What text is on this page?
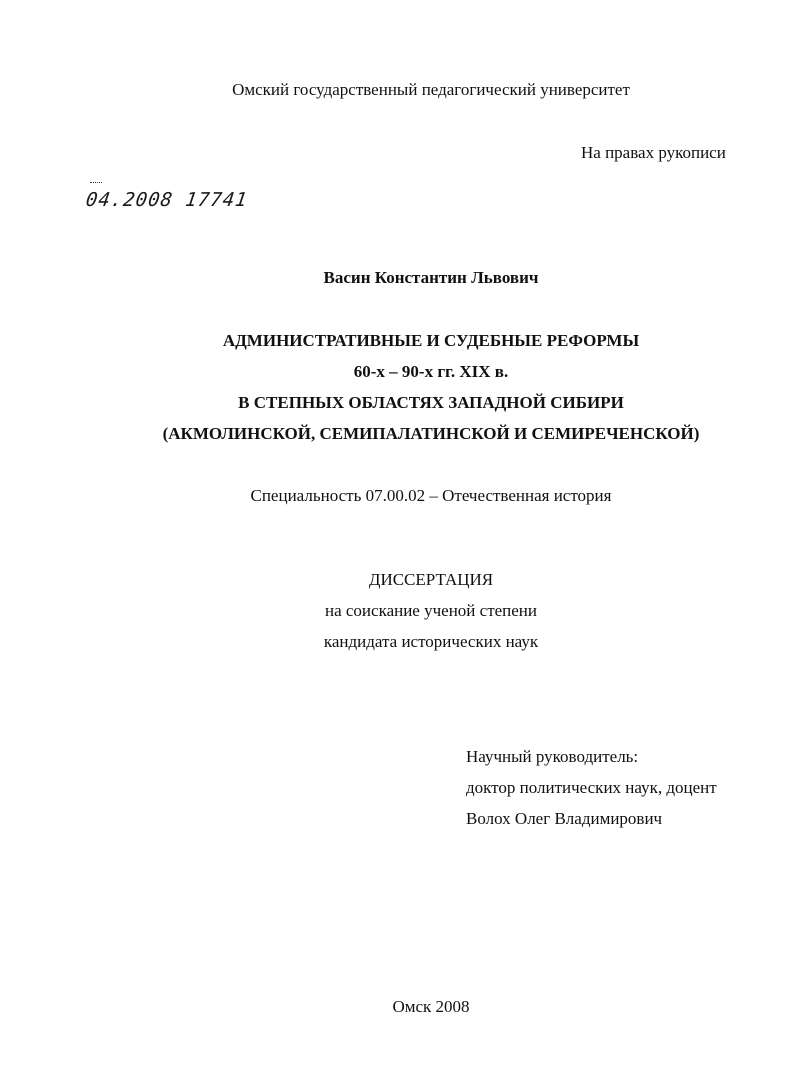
Омский государственный педагогический университет
На правах рукописи
04.2008 17741
Васин Константин Львович
АДМИНИСТРАТИВНЫЕ И СУДЕБНЫЕ РЕФОРМЫ
60-х – 90-х гг. XIX в.
В СТЕПНЫХ ОБЛАСТЯХ ЗАПАДНОЙ СИБИРИ
(АКМОЛИНСКОЙ, СЕМИПАЛАТИНСКОЙ И СЕМИРЕЧЕНСКОЙ)
Специальность 07.00.02 – Отечественная история
ДИССЕРТАЦИЯ
на соискание ученой степени
кандидата исторических наук
Научный руководитель:
доктор политических наук, доцент
Волох Олег Владимирович
Омск 2008
